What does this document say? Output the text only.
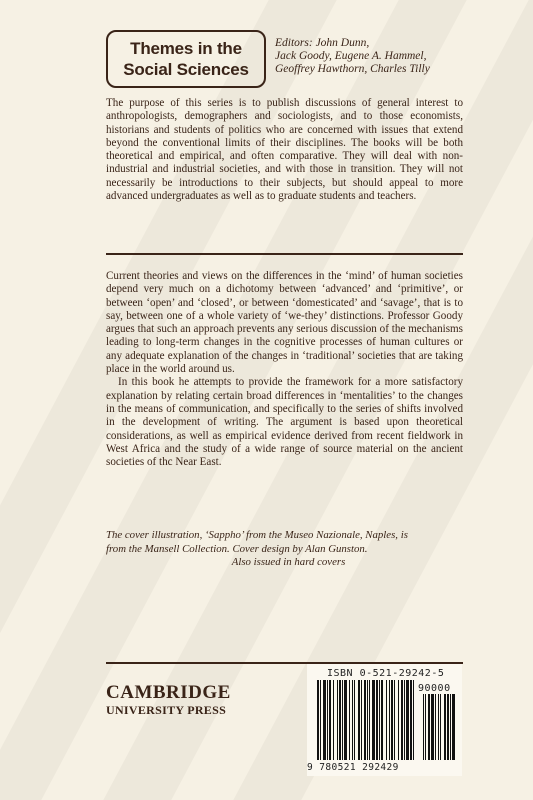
Themes in the
Social Sciences
Editors: John Dunn,
Jack Goody, Eugene A. Hammel,
Geoffrey Hawthorn, Charles Tilly

The purpose of this series is to publish discussions of general interest to anthropologists, demographers and sociologists, and to those economists, historians and students of politics who are concerned with issues that extend beyond the conventional limits of their disciplines. The books will be both theoretical and empirical, and often comparative. They will deal with non-industrial and industrial societies, and with those in transition. They will not necessarily be introductions to their subjects, but should appeal to more advanced undergraduates as well as to graduate students and teachers.

Current theories and views on the differences in the ‘mind’ of human societies depend very much on a dichotomy between ‘advanced’ and ‘primitive’, or between ‘open’ and ‘closed’, or between ‘domesticated’ and ‘savage’, that is to say, between one of a whole variety of ‘we-they’ distinctions. Professor Goody argues that such an approach prevents any serious discussion of the mechanisms leading to long-term changes in the cognitive processes of human cultures or any adequate explanation of the changes in ‘traditional’ societies that are taking place in the world around us.

In this book he attempts to provide the framework for a more satisfactory explanation by relating certain broad differences in ‘mentalities’ to the changes in the means of communication, and specifically to the series of shifts involved in the development of writing. The argument is based upon theoretical considerations, as well as empirical evidence derived from recent fieldwork in West Africa and the study of a wide range of source material on the ancient societies of thc Near East.

The cover illustration, ‘Sappho’ from the Museo Nazionale, Naples, is
from the Mansell Collection. Cover design by Alan Gunston.
Also issued in hard covers
CAMBRIDGE
UNIVERSITY PRESS
ISBN 0-521-29242-5
90000
9 780521 292429
